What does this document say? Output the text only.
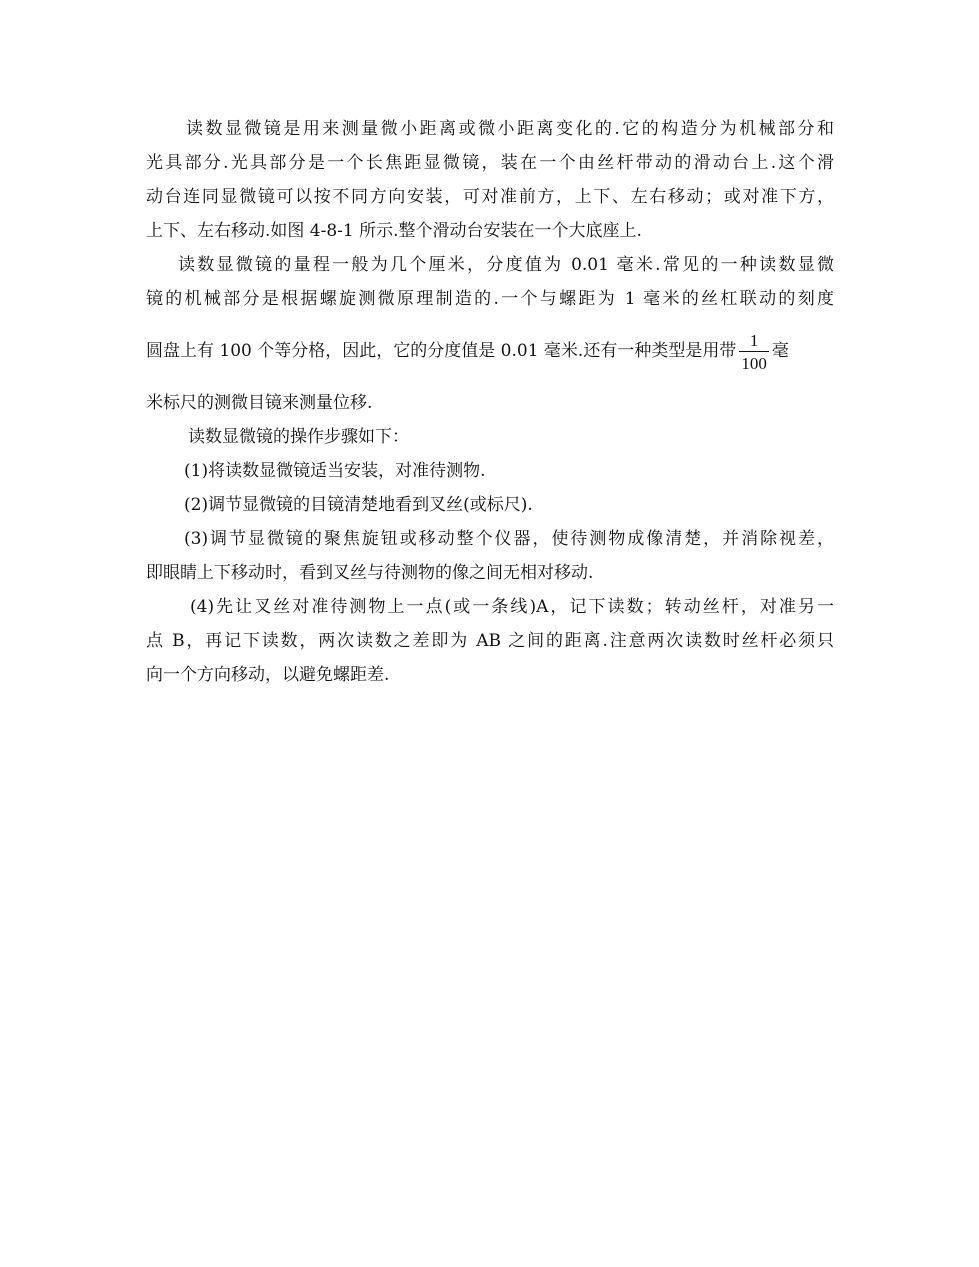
读数显微镜是用来测量微小距离或微小距离变化的.它的构造分为机械部分和
光具部分.光具部分是一个长焦距显微镜，装在一个由丝杆带动的滑动台上.这个滑
动台连同显微镜可以按不同方向安装，可对准前方，上下、左右移动；或对准下方，
上下、左右移动.如图 4-8-1 所示.整个滑动台安装在一个大底座上.
读数显微镜的量程一般为几个厘米，分度值为 0.01 毫米.常见的一种读数显微
镜的机械部分是根据螺旋测微原理制造的.一个与螺距为 1 毫米的丝杠联动的刻度
圆盘上有 100 个等分格，因此，它的分度值是 0.01 毫米.还有一种类型是用带 $\frac{1}{100}$ 毫
米标尺的测微目镜来测量位移.
读数显微镜的操作步骤如下：
(1)将读数显微镜适当安装，对准待测物.
(2)调节显微镜的目镜清楚地看到叉丝(或标尺).
(3)调节显微镜的聚焦旋钮或移动整个仪器，使待测物成像清楚，并消除视差，
即眼睛上下移动时，看到叉丝与待测物的像之间无相对移动.
(4)先让叉丝对准待测物上一点(或一条线)A，记下读数；转动丝杆，对准另一
点 B，再记下读数，两次读数之差即为 AB 之间的距离.注意两次读数时丝杆必须只
向一个方向移动，以避免螺距差.
